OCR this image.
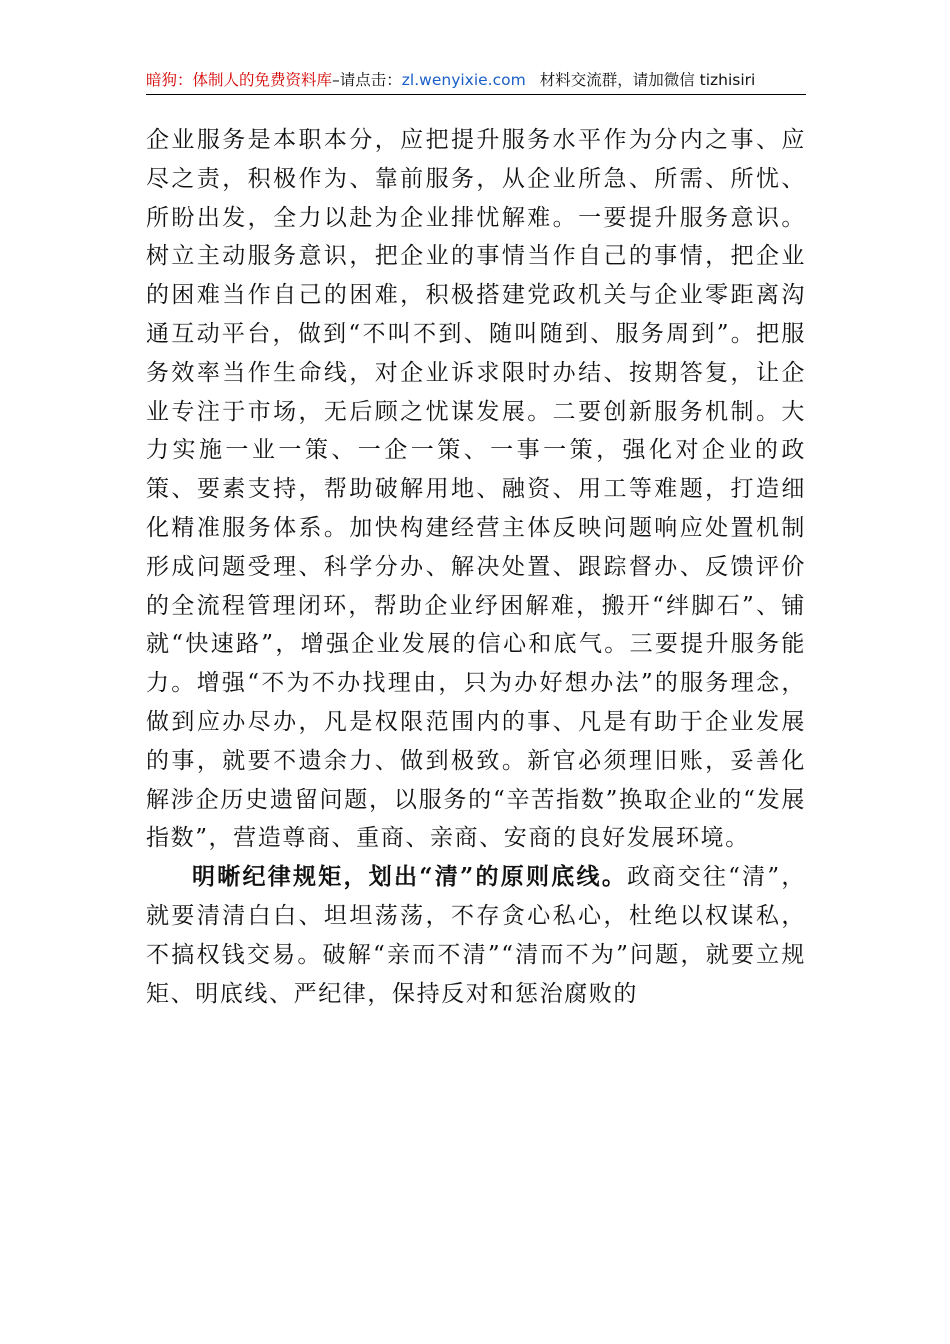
暗狗：体制人的免费资料库–请点击：zl.wenyixie.com 材料交流群，请加微信 tizhisiri

企业服务是本职本分，应把提升服务水平作为分内之事、应尽之责，积极作为、靠前服务，从企业所急、所需、所忧、所盼出发，全力以赴为企业排忧解难。一要提升服务意识。树立主动服务意识，把企业的事情当作自己的事情，把企业的困难当作自己的困难，积极搭建党政机关与企业零距离沟通互动平台，做到“不叫不到、随叫随到、服务周到”。把服务效率当作生命线，对企业诉求限时办结、按期答复，让企业专注于市场，无后顾之忧谋发展。二要创新服务机制。大力实施一业一策、一企一策、一事一策，强化对企业的政策、要素支持，帮助破解用地、融资、用工等难题，打造细化精准服务体系。加快构建经营主体反映问题响应处置机制形成问题受理、科学分办、解决处置、跟踪督办、反馈评价的全流程管理闭环，帮助企业纾困解难，搬开“绊脚石”、铺就“快速路”，增强企业发展的信心和底气。三要提升服务能力。增强“不为不办找理由，只为办好想办法”的服务理念，做到应办尽办，凡是权限范围内的事、凡是有助于企业发展的事，就要不遗余力、做到极致。新官必须理旧账，妥善化解涉企历史遗留问题，以服务的“辛苦指数”换取企业的“发展指数”，营造尊商、重商、亲商、安商的良好发展环境。

明晰纪律规矩，划出“清”的原则底线。政商交往“清”，就要清清白白、坦坦荡荡，不存贪心私心，杜绝以权谋私，不搞权钱交易。破解“亲而不清”“清而不为”问题，就要立规矩、明底线、严纪律，保持反对和惩治腐败的
